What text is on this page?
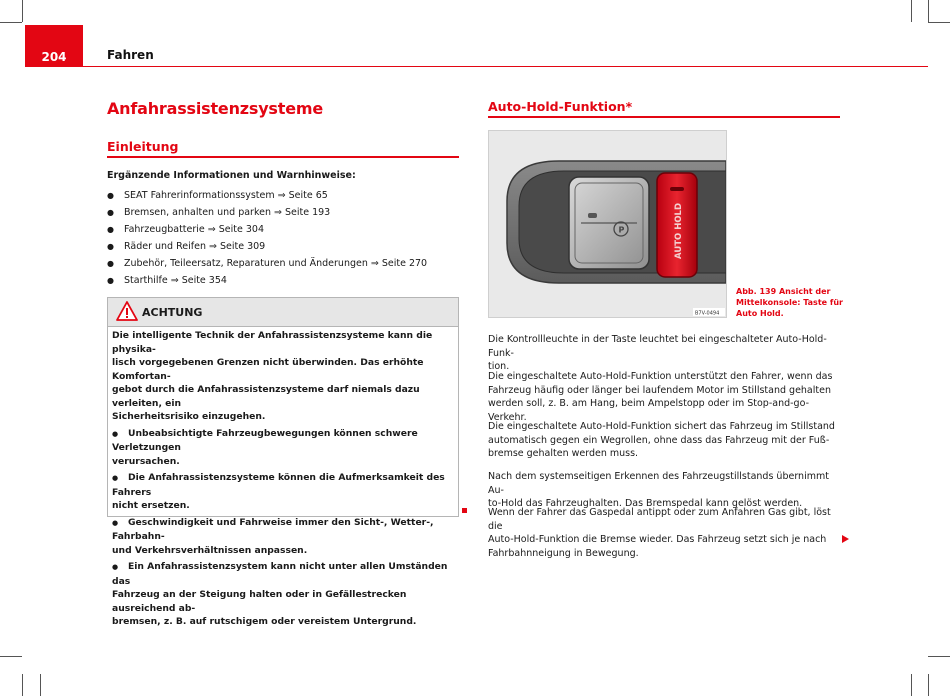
204	Fahren
Anfahrassistenzsysteme
Einleitung
Ergänzende Informationen und Warnhinweise:
● SEAT Fahrerinformationssystem ⇒ Seite 65
● Bremsen, anhalten und parken ⇒ Seite 193
● Fahrzeugbatterie ⇒ Seite 304
● Räder und Reifen ⇒ Seite 309
● Zubehör, Teileersatz, Reparaturen und Änderungen ⇒ Seite 270
● Starthilfe ⇒ Seite 354
ACHTUNG
Die intelligente Technik der Anfahrassistenzsysteme kann die physika-
lisch vorgegebenen Grenzen nicht überwinden. Das erhöhte Komfortan-
gebot durch die Anfahrassistenzsysteme darf niemals dazu verleiten, ein
Sicherheitsrisiko einzugehen.
● Unbeabsichtigte Fahrzeugbewegungen können schwere Verletzungen
verursachen.
● Die Anfahrassistenzsysteme können die Aufmerksamkeit des Fahrers
nicht ersetzen.
● Geschwindigkeit und Fahrweise immer den Sicht-, Wetter-, Fahrbahn-
und Verkehrsverhältnissen anpassen.
● Ein Anfahrassistenzsystem kann nicht unter allen Umständen das
Fahrzeug an der Steigung halten oder in Gefällestrecken ausreichend ab-
bremsen, z. B. auf rutschigem oder vereistem Untergrund.
Auto-Hold-Funktion*
P	AUTO HOLD
B7V-0494
Abb. 139 Ansicht der
Mittelkonsole: Taste für
Auto Hold.
Die Kontrollleuchte in der Taste leuchtet bei eingeschalteter Auto-Hold-Funk-
tion.
Die eingeschaltete Auto-Hold-Funktion unterstützt den Fahrer, wenn das
Fahrzeug häufig oder länger bei laufendem Motor im Stillstand gehalten
werden soll, z. B. am Hang, beim Ampelstopp oder im Stop-and-go-Verkehr.
Die eingeschaltete Auto-Hold-Funktion sichert das Fahrzeug im Stillstand
automatisch gegen ein Wegrollen, ohne dass das Fahrzeug mit der Fuß-
bremse gehalten werden muss.
Nach dem systemseitigen Erkennen des Fahrzeugstillstands übernimmt Au-
to-Hold das Fahrzeughalten. Das Bremspedal kann gelöst werden.
Wenn der Fahrer das Gaspedal antippt oder zum Anfahren Gas gibt, löst die
Auto-Hold-Funktion die Bremse wieder. Das Fahrzeug setzt sich je nach
Fahrbahnneigung in Bewegung.
